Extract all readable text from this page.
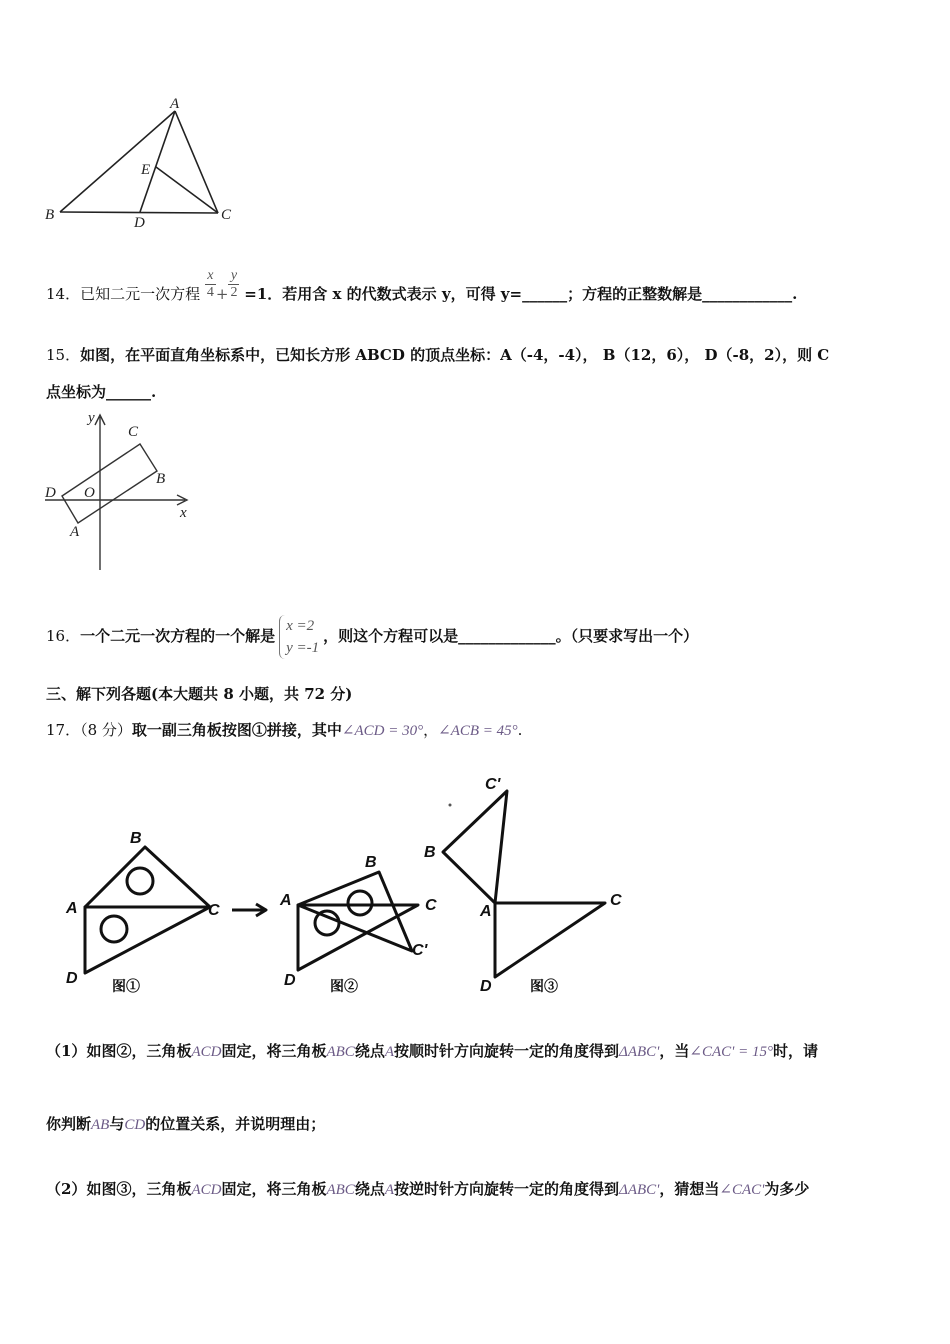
A
B	C
D
E
14．已知二元一次方程 $\frac{x}{4} + \frac{y}{2} =1$．若用含 x 的代数式表示 y，可得 y=______；方程的正整数解是____________.
15．如图，在平面直角坐标系中，已知长方形 ABCD 的顶点坐标：A（-4，-4）， B（12，6）， D（-8，2），则 C
点坐标为______.
y
x
C
B
D O
A
16．一个二元一次方程的一个解是
x =2
y =-1
，则这个方程可以是_____________。（只要求写出一个）
三、解下列各题(本大题共 8 小题，共 72 分)
17．（8 分）取一副三角板按图①拼接，其中∠ACD = 30°，∠ACB = 45°.
A
B
C
D 图①
A
B
C
C'
D 图②
C'
B
A
C
D	图③
（1）如图②，三角板ACD固定，将三角板ABC绕点A按顺时针方向旋转一定的角度得到ΔABC'，当∠CAC' = 15°时，请
你判断AB与CD的位置关系，并说明理由；
（2）如图③，三角板ACD固定，将三角板ABC绕点A按逆时针方向旋转一定的角度得到ΔABC'，猜想当∠CAC'为多少
